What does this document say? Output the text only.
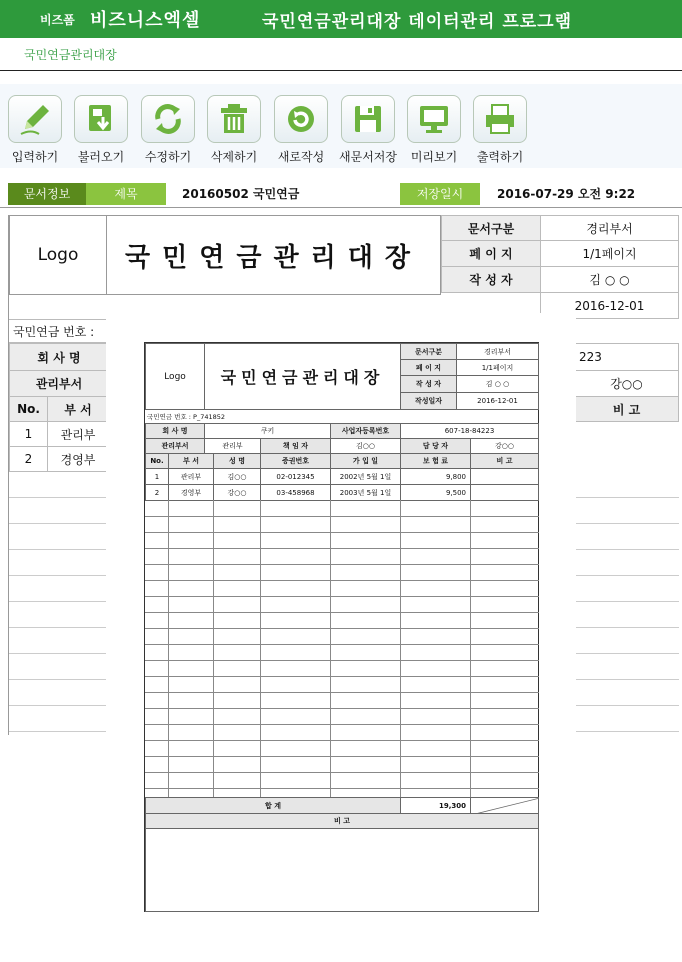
비즈폼 비즈니스엑셀	국민연금관리대장 데이터관리 프로그램
국민연금관리대장
입력하기	불러오기	수정하기	삭제하기	새로작성	새문서저장	미리보기	출력하기
문서정보	제목	20160502 국민연금	저장일시	2016-07-29 오전 9:22
Logo	국민연금관리대장
문서구분	경리부서
페 이 지	1/1페이지
작 성 자	김 ○ ○
2016-12-01
국민연금 번호 :
회 사 명	223
관리부서	강○○
No.	부 서	비 고
1	관리부
2	경영부
Logo	국민연금관리대장
문서구분	경리부서
페 이 지	1/1페이지
작 성 자	김 ○ ○
작성일자	2016-12-01
국민연금 번호 : P_741852
회 사 명	쿠키	사업자등록번호	607-18-84223
관리부서	관리부	책 임 자	김○○	담 당 자	강○○
No.	부 서	성 명	증권번호	가 입 일	보 험 료	비 고
1	관리부	김○○	02-012345	2002년 5월 1일	9,800
2	경영부	강○○	03-458968	2003년 5월 1일	9,500
합 계	19,300
비 고
